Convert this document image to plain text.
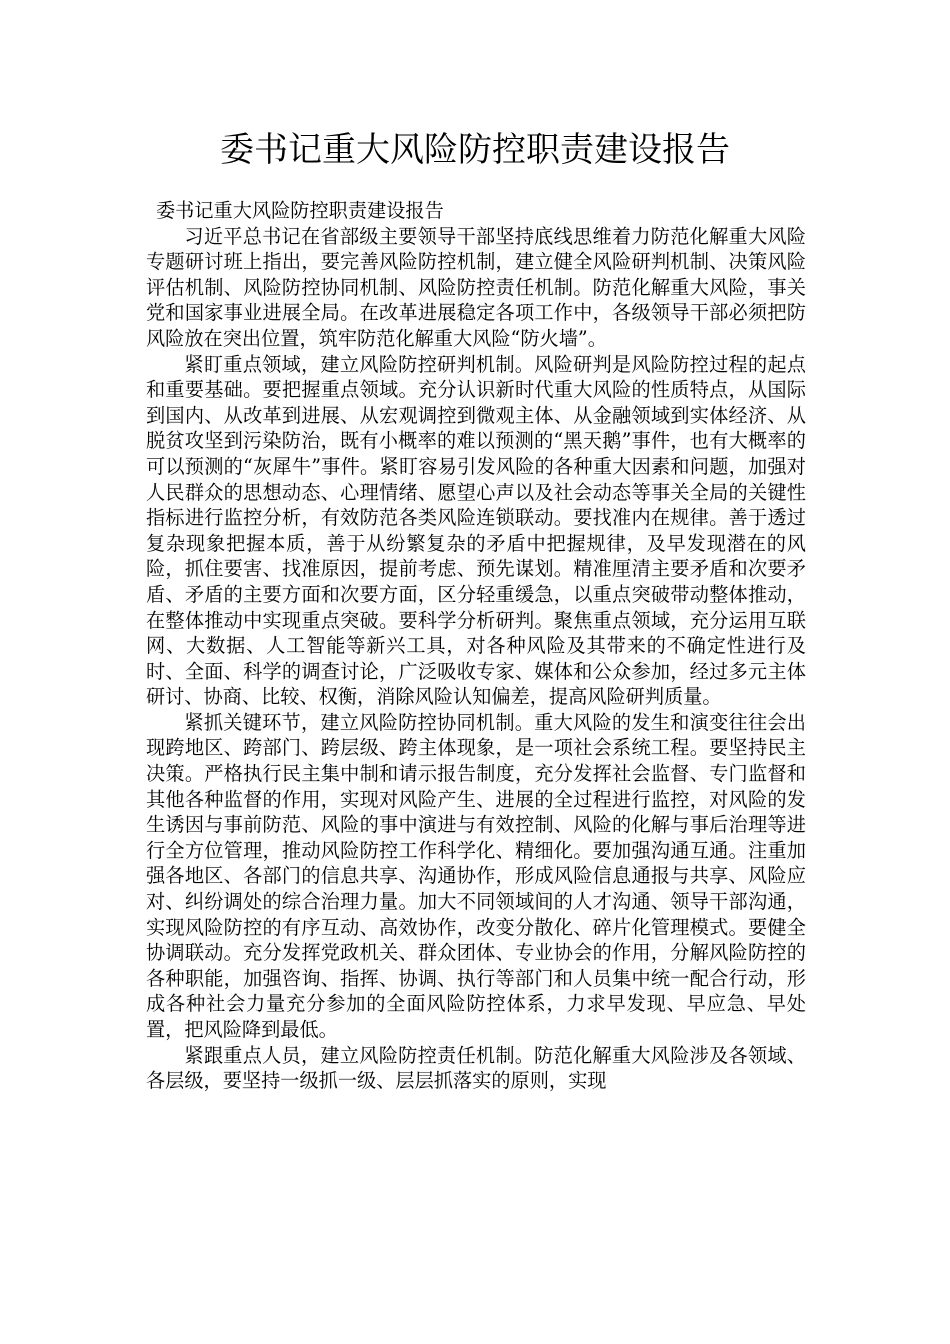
委书记重大风险防控职责建设报告

委书记重大风险防控职责建设报告

习近平总书记在省部级主要领导干部坚持底线思维着力防范化解重大风险专题研讨班上指出，要完善风险防控机制，建立健全风险研判机制、决策风险评估机制、风险防控协同机制、风险防控责任机制。防范化解重大风险，事关党和国家事业进展全局。在改革进展稳定各项工作中，各级领导干部必须把防风险放在突出位置，筑牢防范化解重大风险“防火墙”。

紧盯重点领域，建立风险防控研判机制。风险研判是风险防控过程的起点和重要基础。要把握重点领域。充分认识新时代重大风险的性质特点，从国际到国内、从改革到进展、从宏观调控到微观主体、从金融领域到实体经济、从脱贫攻坚到污染防治，既有小概率的难以预测的“黑天鹅”事件，也有大概率的可以预测的“灰犀牛”事件。紧盯容易引发风险的各种重大因素和问题，加强对人民群众的思想动态、心理情绪、愿望心声以及社会动态等事关全局的关键性指标进行监控分析，有效防范各类风险连锁联动。要找准内在规律。善于透过复杂现象把握本质，善于从纷繁复杂的矛盾中把握规律，及早发现潜在的风险，抓住要害、找准原因，提前考虑、预先谋划。精准厘清主要矛盾和次要矛盾、矛盾的主要方面和次要方面，区分轻重缓急，以重点突破带动整体推动，在整体推动中实现重点突破。要科学分析研判。聚焦重点领域，充分运用互联网、大数据、人工智能等新兴工具，对各种风险及其带来的不确定性进行及时、全面、科学的调查讨论，广泛吸收专家、媒体和公众参加，经过多元主体研讨、协商、比较、权衡，消除风险认知偏差，提高风险研判质量。

紧抓关键环节，建立风险防控协同机制。重大风险的发生和演变往往会出现跨地区、跨部门、跨层级、跨主体现象，是一项社会系统工程。要坚持民主决策。严格执行民主集中制和请示报告制度，充分发挥社会监督、专门监督和其他各种监督的作用，实现对风险产生、进展的全过程进行监控，对风险的发生诱因与事前防范、风险的事中演进与有效控制、风险的化解与事后治理等进行全方位管理，推动风险防控工作科学化、精细化。要加强沟通互通。注重加强各地区、各部门的信息共享、沟通协作，形成风险信息通报与共享、风险应对、纠纷调处的综合治理力量。加大不同领域间的人才沟通、领导干部沟通，实现风险防控的有序互动、高效协作，改变分散化、碎片化管理模式。要健全协调联动。充分发挥党政机关、群众团体、专业协会的作用，分解风险防控的各种职能，加强咨询、指挥、协调、执行等部门和人员集中统一配合行动，形成各种社会力量充分参加的全面风险防控体系，力求早发现、早应急、早处置，把风险降到最低。

紧跟重点人员，建立风险防控责任机制。防范化解重大风险涉及各领域、各层级，要坚持一级抓一级、层层抓落实的原则，实现
